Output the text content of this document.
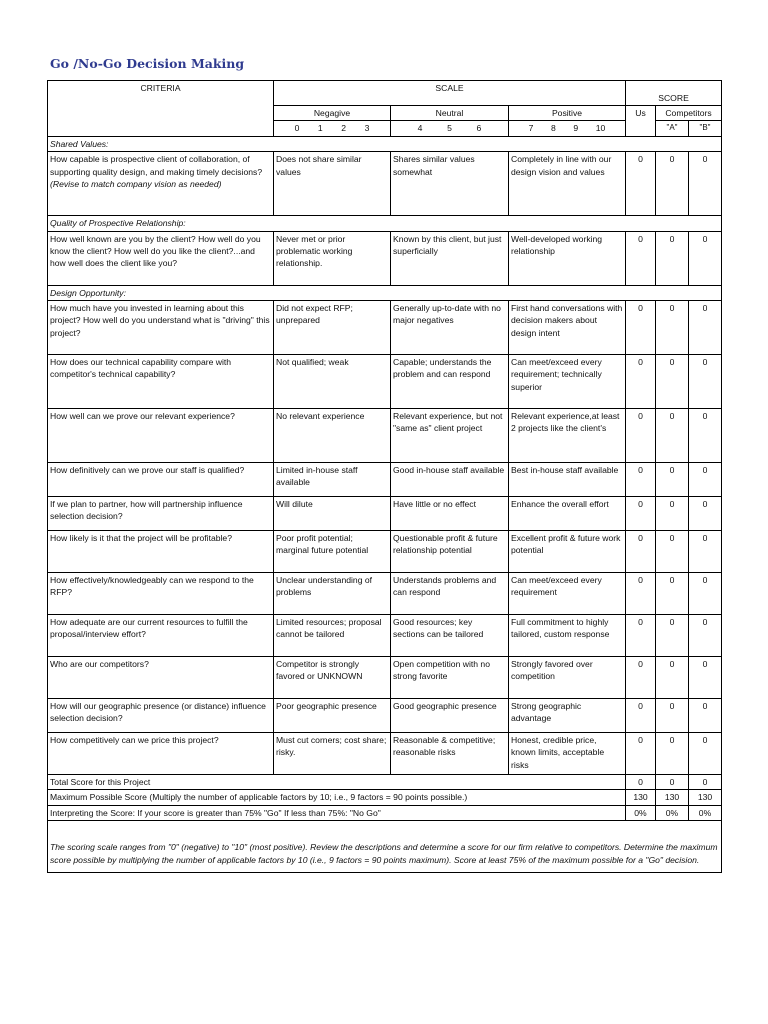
Go /No-Go Decision Making
CRITERIA	SCALE			SCORE		
	Negagive	Neutral	Positive	Us	Competitors	

	0 1 2 3	4 5 6	7 8 9 10		"A"	"B"
Shared Values:						
How capable is prospective client of collaboration, of supporting quality design, and making timely decisions? (Revise to match company vision as needed)	Does not share similar values	Shares similar values somewhat	Completely in line with our design vision and values	0	0	0
Quality of Prospective Relationship:						
How well known are you by the client? How well do you know the client? How well do you like the client?...and how well does the client like you?	Never met or prior problematic working relationship.	Known by this client, but just superficially	Well-developed working relationship	0	0	0
Design Opportunity:						
How much have you invested in learning about this project? How well do you understand what is "driving" this project?	Did not expect RFP; unprepared	Generally up-to-date with no major negatives	First hand conversations with decision makers about design intent	0	0	0
How does our technical capability compare with competitor's technical capability?	Not qualified; weak	Capable; understands the problem and can respond	Can meet/exceed every requirement; technically superior	0	0	0
How well can we prove our relevant experience?	No relevant experience	Relevant experience, but not "same as" client project	Relevant experience,at least 2 projects like the client's	0	0	0
How definitively can we prove our staff is qualified?	Limited in-house staff available	Good in-house staff available	Best in-house staff available	0	0	0
If we plan to partner, how will partnership influence selection decision?	Will dilute	Have little or no effect	Enhance the overall effort	0	0	0
How likely is it that the project will be profitable?	Poor profit potential; marginal future potential	Questionable profit & future relationship potential	Excellent profit & future work potential	0	0	0
How effectively/knowledgeably can we respond to the RFP?	Unclear understanding of problems	Understands problems and can respond	Can meet/exceed every requirement	0	0	0
How adequate are our current resources to fulfill the proposal/interview effort?	Limited resources; proposal cannot be tailored	Good resources; key sections can be tailored	Full commitment to highly tailored, custom response	0	0	0
Who are our competitors?	Competitor is strongly favored or UNKNOWN	Open competition with no strong favorite	Strongly favored over competition	0	0	0
How will our geographic presence (or distance) influence selection decision?	Poor geographic presence	Good geographic presence	Strong geographic advantage	0	0	0
How competitively can we price this project?	Must cut corners; cost share; risky.	Reasonable & competitive; reasonable risks	Honest, credible price, known limits, acceptable risks	0	0	0
Total Score for this Project				0	0	0
Maximum Possible Score (Multiply the number of applicable factors by 10; i.e., 9 factors = 90 points possible.)				130	130	130
Interpreting the Score: If your score is greater than 75% "Go" If less than 75%: "No Go"				0%	0%	0%
The scoring scale ranges from "0" (negative) to "10" (most positive). Review the descriptions and determine a score for our firm relative to competitors. Determine the maximum score possible by multiplying the number of applicable factors by 10 (i.e., 9 factors = 90 points maximum). Score at least 75% of the maximum possible for a "Go" decision.						
